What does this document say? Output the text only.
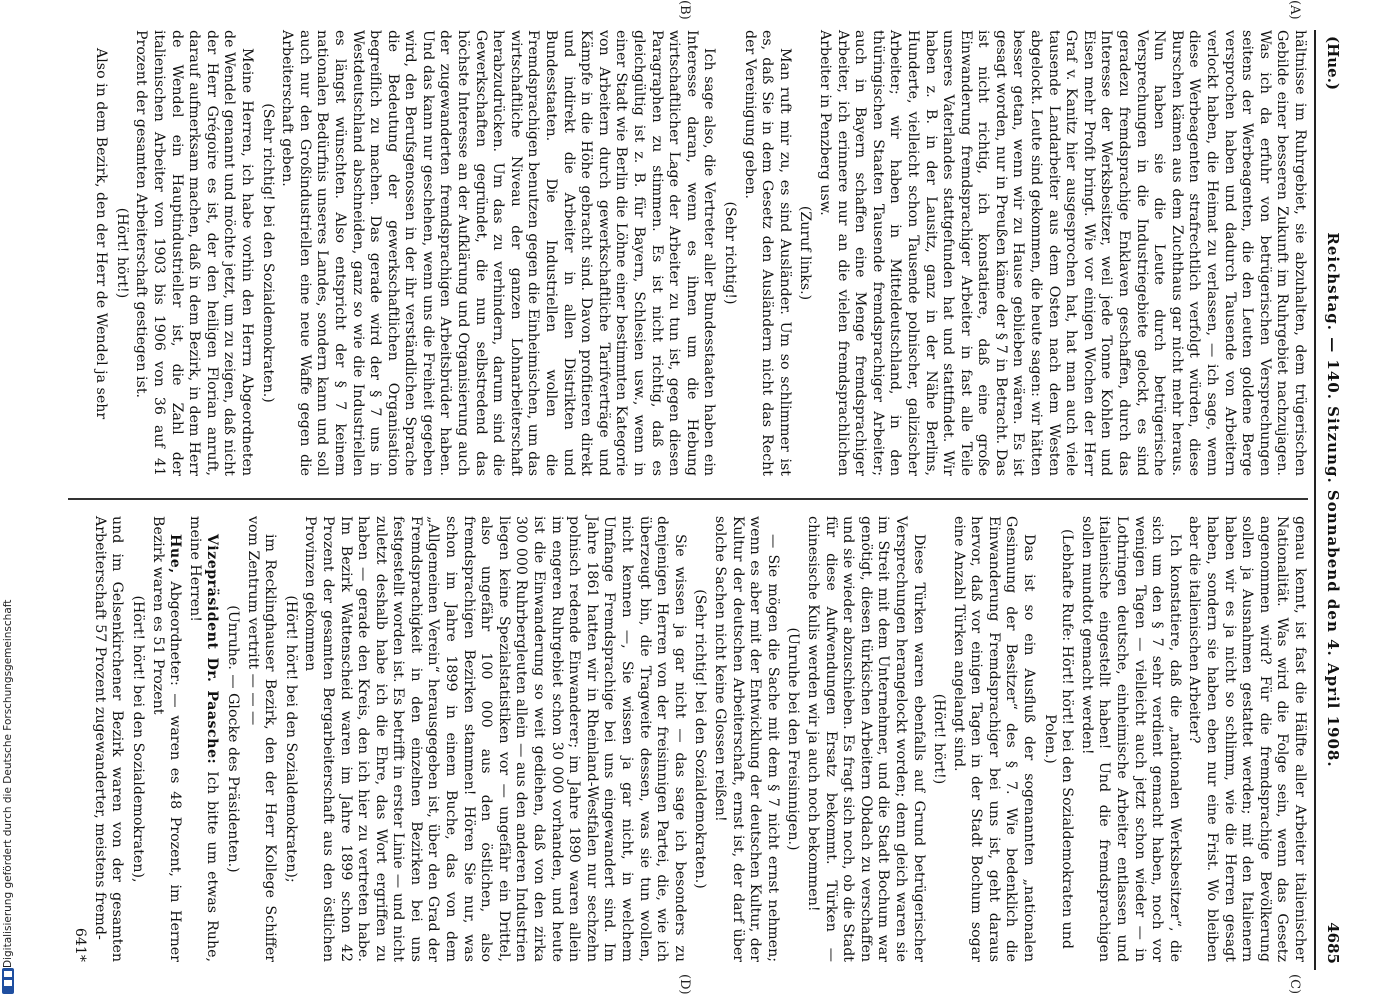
Digitalisierung gefördert durch die Deutsche Forschungsgemeinschaft
(Hue.)
Reichstag. — 140. Sitzung. Sonnabend den 4. April 1908.
4685
(A)
(B)
(C)
(D)

hältnisse im Ruhrgebiet, sie abzuhalten, dem trügerischen Gebilde einer besseren Zukunft im Ruhrgebiet nachzujagen. Was ich da erfuhr von betrügerischen Versprechungen seitens der Werbeagenten, die den Leuten goldene Berge versprochen haben und dadurch Tausende von Arbeitern verlockt haben, die Heimat zu verlassen, — ich sage, wenn diese Werbeagenten strafrechtlich verfolgt würden, diese Burschen kämen aus dem Zuchthaus gar nicht mehr heraus. Nun haben sie die Leute durch betrügerische Versprechungen in die Industriegebiete gelockt, es sind geradezu fremdsprachige Enklaven geschaffen, durch das Interesse der Werksbesitzer, weil jede Tonne Kohlen und Eisen mehr Profit bringt. Wie vor einigen Wochen der Herr Graf v. Kanitz hier ausgesprochen hat, hat man auch viele tausende Landarbeiter aus dem Osten nach dem Westen abgelockt. Leute sind gekommen, die heute sagen: wir hätten besser getan, wenn wir zu Hause geblieben wären. Es ist gesagt worden, nur in Preußen käme der § 7 in Betracht. Das ist nicht richtig, ich konstatiere, daß eine große Einwanderung fremdsprachiger Arbeiter in fast alle Teile unseres Vaterlandes stattgefunden hat und stattfindet. Wir haben z. B. in der Lausitz, ganz in der Nähe Berlins, Hunderte, vielleicht schon Tausende polnischer, galizischer Arbeiter; wir haben in Mitteldeutschland, in den thüringischen Staaten Tausende fremdsprachiger Arbeiter; auch in Bayern schaffen eine Menge fremdsprachiger Arbeiter, ich erinnere nur an die vielen fremdsprachlichen Arbeiter in Penzberg usw.

(Zuruf links.)

Man ruft mir zu, es sind Ausländer. Um so schlimmer ist es, daß Sie in dem Gesetz den Ausländern nicht das Recht der Vereinigung geben.

(Sehr richtig!)

Ich sage also, die Vertreter aller Bundesstaaten haben ein Interesse daran, wenn es ihnen um die Hebung wirtschaftlicher Lage der Arbeiter zu tun ist, gegen diesen Paragraphen zu stimmen. Es ist nicht richtig, daß es gleichgültig ist z. B. für Bayern, Schlesien usw., wenn in einer Stadt wie Berlin die Löhne einer bestimmten Kategorie von Arbeitern durch gewerkschaftliche Tarifverträge und Kämpfe in die Höhe gebracht sind. Davon profitieren direkt und indirekt die Arbeiter in allen Distrikten und Bundesstaaten. Die Industriellen wollen die Fremdsprachigen benutzen gegen die Einheimischen, um das wirtschaftliche Niveau der ganzen Lohnarbeiterschaft herabzudrücken. Um das zu verhindern, darum sind die Gewerkschaften gegründet, die nun selbstredend das höchste Interesse an der Aufklärung und Organisierung auch der zugewanderten fremdsprachigen Arbeitsbrüder haben. Und das kann nur geschehen, wenn uns die Freiheit gegeben wird, den Berufsgenossen in der ihr verständlichen Sprache die Bedeutung der gewerkschaftlichen Organisation begreiflich zu machen. Das gerade wird der § 7 uns in Westdeutschland abschneiden, ganz so wie die Industriellen es längst wünschten. Also entspricht der § 7 keinem nationalen Bedürfnis unseres Landes, sondern kann und soll auch nur den Großindustriellen eine neue Waffe gegen die Arbeiterschaft geben.

(Sehr richtig! bei den Sozialdemokraten.)

Meine Herren, ich habe vorhin den Herrn Abgeordneten de Wendel genannt und möchte jetzt, um zu zeigen, daß nicht der Herr Grégoire es ist, der den heiligen Florian anruft, darauf aufmerksam machen, daß in dem Bezirk, in dem Herr de Wendel ein Hauptindustrieller ist, die Zahl der italienischen Arbeiter von 1903 bis 1906 von 36 auf 41 Prozent der gesamten Arbeiterschaft gestiegen ist.

(Hört! hört!)

Also in dem Bezirk, den der Herr de Wendel ja sehr

genau kennt, ist fast die Hälfte aller Arbeiter italienischer Nationalität. Was wird die Folge sein, wenn das Gesetz angenommen wird? Für die fremdsprachige Bevölkerung sollen ja Ausnahmen gestattet werden; mit den Italienern haben wir es ja nicht so schlimm, wie die Herren gesagt haben, sondern sie haben eben nur eine Frist. Wo bleiben aber die italienischen Arbeiter?

Ich konstatiere, daß die „nationalen Werksbesitzer“, die sich um den § 7 sehr verdient gemacht haben, noch vor wenigen Tagen — vielleicht auch jetzt schon wieder — in Lothringen deutsche, einheimische Arbeiter entlassen und italienische eingestellt haben! Und die fremdsprachigen sollen mundtot gemacht werden!

(Lebhafte Rufe: Hört! hört! bei den Sozialdemokraten und Polen.)

Das ist so ein Ausfluß der sogenannten „nationalen Gesinnung der Besitzer“ des § 7. Wie bedenklich die Einwanderung Fremdsprachiger bei uns ist, geht daraus hervor, daß vor einigen Tagen in der Stadt Bochum sogar eine Anzahl Türken angelangt sind.

(Hört! hört!)

Diese Türken waren ebenfalls auf Grund betrügerischer Versprechungen herangelockt worden; denn gleich waren sie im Streit mit dem Unternehmer, und die Stadt Bochum war genötigt, diesen türkischen Arbeitern Obdach zu verschaffen und sie wieder abzuschieben. Es fragt sich noch, ob die Stadt für diese Aufwendungen Ersatz bekommt. Türken — chinesische Kulis werden wir ja auch noch bekommen!

(Unruhe bei den Freisinnigen.)

— Sie mögen die Sache mit dem § 7 nicht ernst nehmen; wenn es aber mit der Entwicklung der deutschen Kultur, der Kultur der deutschen Arbeiterschaft, ernst ist, der darf über solche Sachen nicht keine Glossen reißen!

(Sehr richtig! bei den Sozialdemokraten.)

Sie wissen ja gar nicht — das sage ich besonders zu denjenigen Herren von der freisinnigen Partei, die, wie ich überzeugt bin, die Tragweite dessen, was sie tun wollen, nicht kennen —, Sie wissen ja gar nicht, in welchem Umfange Fremdsprachige bei uns eingewandert sind. Im Jahre 1861 hatten wir in Rheinland-Westfalen nur sechzehn polnisch redende Einwanderer; im Jahre 1890 waren allein im engeren Ruhrgebiet schon 30 000 vorhanden, und heute ist die Einwanderung so weit gediehen, daß von den zirka 300 000 Ruhrbergleuten allein — aus den anderen Industrien liegen keine Spezialstatistiken vor — ungefähr ein Drittel, also ungefähr 100 000 aus den östlichen, also fremdsprachigen Bezirken stammen! Hören Sie nur, was schon im Jahre 1899 in einem Buche, das von dem „Allgemeinen Verein“ herausgegeben ist, über den Grad der Fremdsprachigkeit in den einzelnen Bezirken bei uns festgestellt worden ist. Es betrifft in erster Linie — und nicht zuletzt deshalb habe ich die Ehre, das Wort ergriffen zu haben — gerade den Kreis, den ich hier zu vertreten habe. Im Bezirk Wattenscheid waren im Jahre 1899 schon 42 Prozent der gesamten Bergarbeiterschaft aus den östlichen Provinzen gekommen

(Hört! hört! bei den Sozialdemokraten);

im Recklinghauser Bezirk, den der Herr Kollege Schiffer vom Zentrum vertritt — — —

(Unruhe. — Glocke des Präsidenten.)

Vizepräsident Dr. Paasche: Ich bitte um etwas Ruhe, meine Herren!

Hue, Abgeordneter: — waren es 48 Prozent, im Herner Bezirk waren es 51 Prozent

(Hört! hört! bei den Sozialdemokraten),

und im Gelsenkirchener Bezirk waren von der gesamten Arbeiterschaft 57 Prozent zugewanderter, meistens fremd-

641*
